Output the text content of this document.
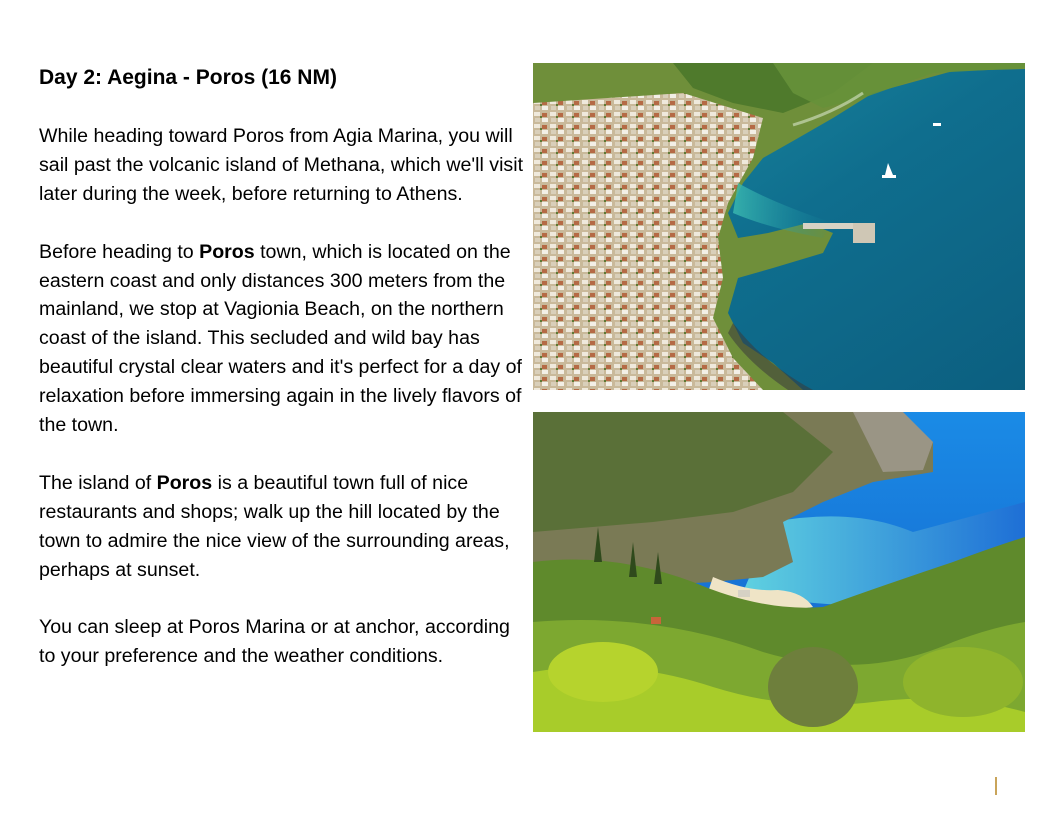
Day 2: Aegina - Poros (16 NM)

While heading toward Poros from Agia Marina, you will sail past the volcanic island of Methana, which we'll visit later during the week, before returning to Athens.

Before heading to Poros town, which is located on the eastern coast and only distances 300 meters from the mainland, we stop at Vagionia Beach, on the northern coast of the island. This secluded and wild bay has beautiful crystal clear waters and it's perfect for a day of relaxation before immersing again in the lively flavors of the town.

The island of Poros is a beautiful town full of nice restaurants and shops; walk up the hill located by the town to admire the nice view of the surrounding areas, perhaps at sunset.

You can sleep at Poros Marina or at anchor, according to your preference and the weather conditions.
